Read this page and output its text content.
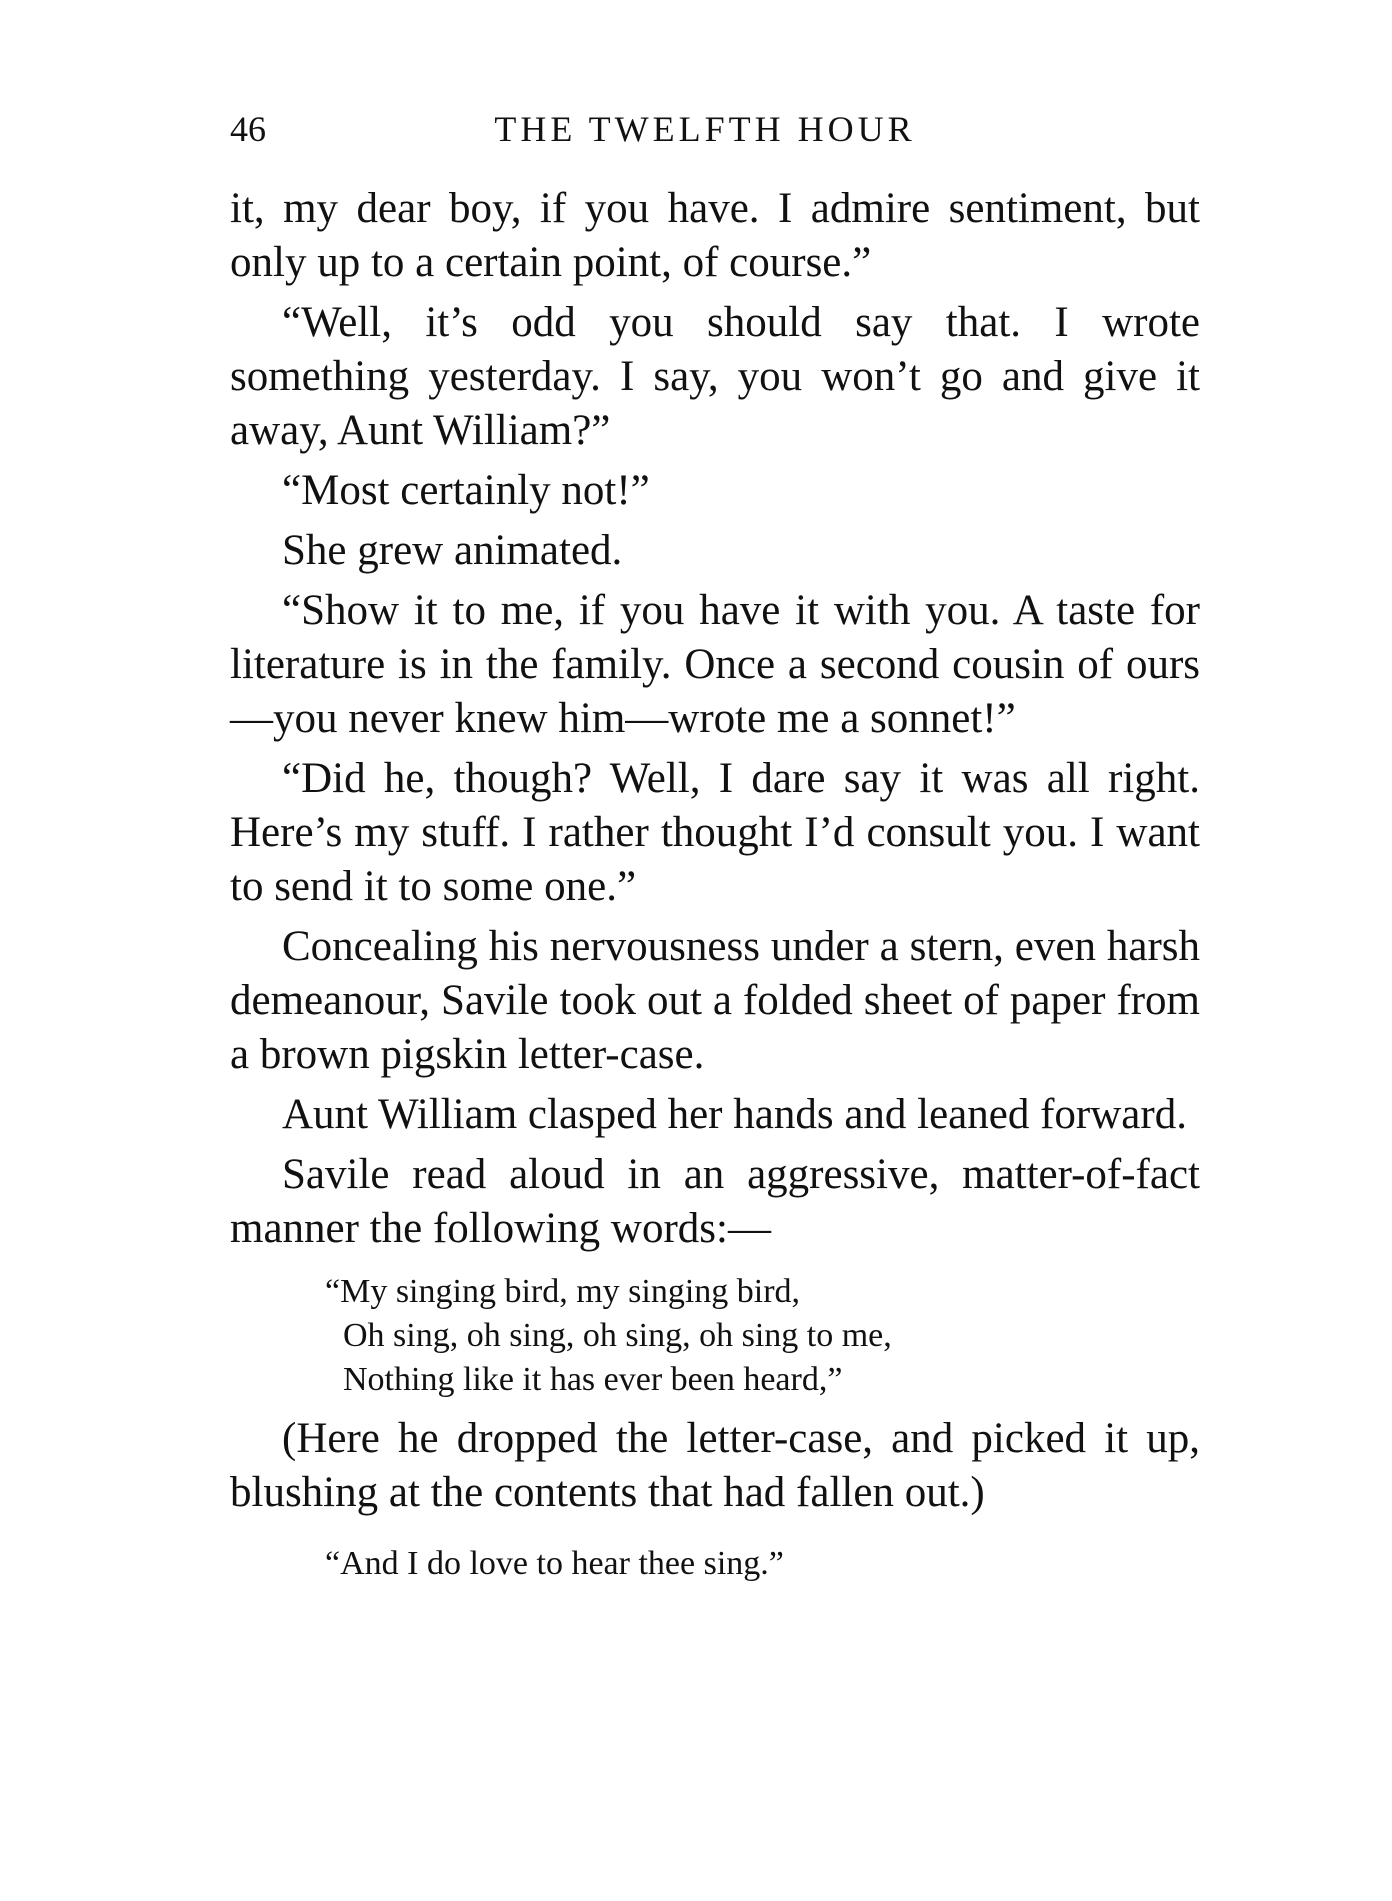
46	THE TWELFTH HOUR

it, my dear boy, if you have. I admire sentiment, but only up to a certain point, of course.”

“Well, it’s odd you should say that. I wrote something yesterday. I say, you won’t go and give it away, Aunt William?”

“Most certainly not!”

She grew animated.

“Show it to me, if you have it with you. A taste for literature is in the family. Once a second cousin of ours—you never knew him—wrote me a sonnet!”

“Did he, though? Well, I dare say it was all right. Here’s my stuff. I rather thought I’d consult you. I want to send it to some one.”

Concealing his nervousness under a stern, even harsh demeanour, Savile took out a folded sheet of paper from a brown pigskin letter-case.

Aunt William clasped her hands and leaned forward.

Savile read aloud in an aggressive, matter-of-fact manner the following words:—

“My singing bird, my singing bird,
Oh sing, oh sing, oh sing, oh sing to me,
Nothing like it has ever been heard,”

(Here he dropped the letter-case, and picked it up, blushing at the contents that had fallen out.)

“And I do love to hear thee sing.”
